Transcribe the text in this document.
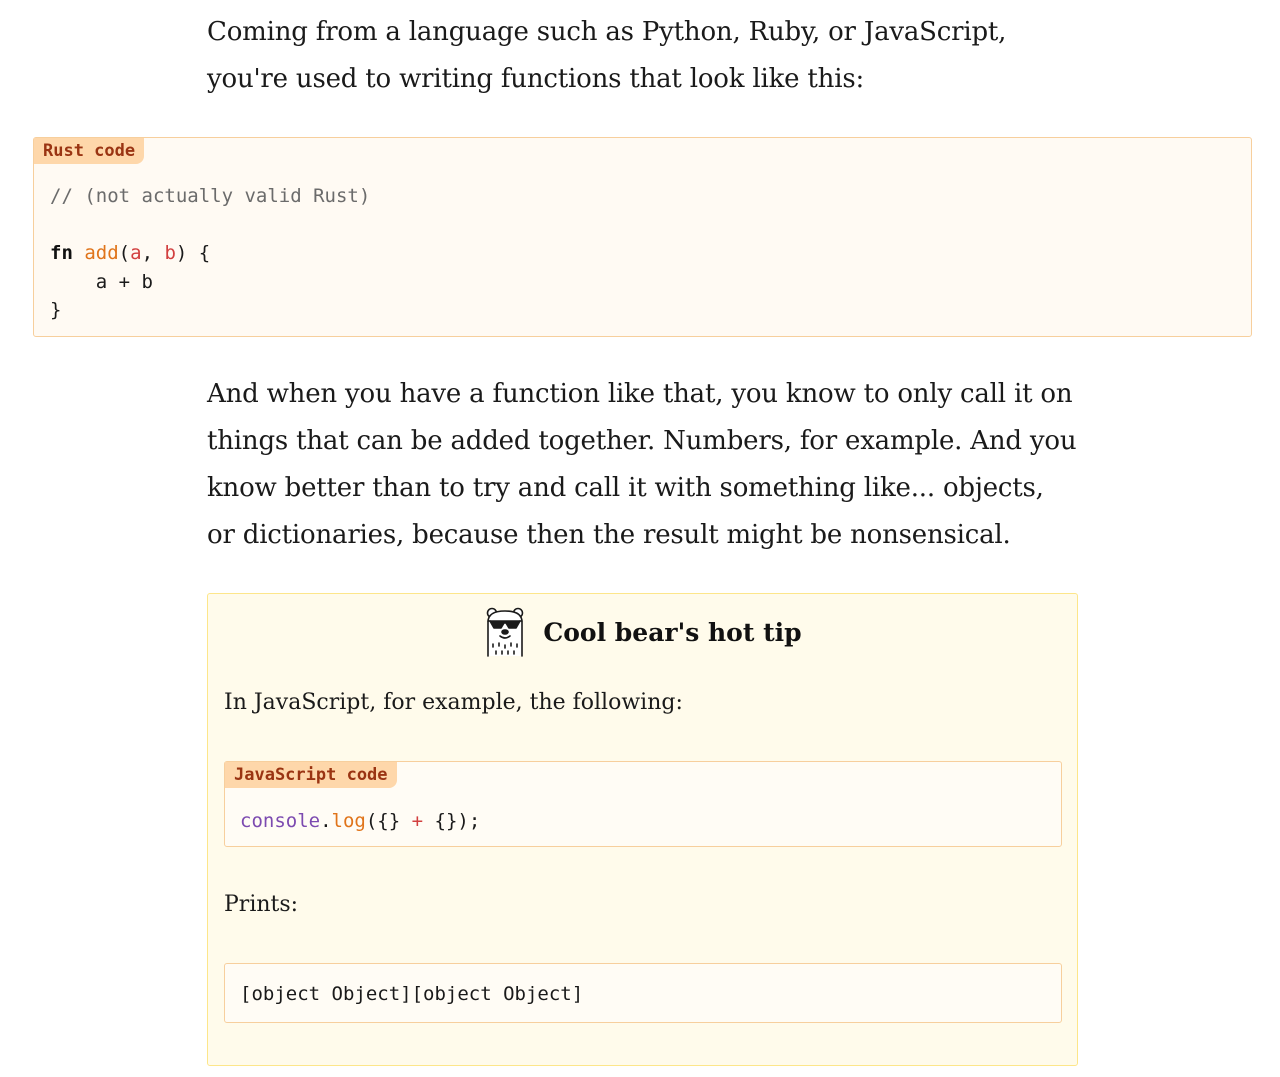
Coming from a language such as Python, Ruby, or JavaScript, you're used to writing functions that look like this:

Rust code
// (not actually valid Rust)

fn add(a, b) {
a + b
}

And when you have a function like that, you know to only call it on things that can be added together. Numbers, for example. And you know better than to try and call it with something like... objects, or dictionaries, because then the result might be nonsensical.

Cool bear's hot tip

In JavaScript, for example, the following:

JavaScript code
console.log({} + {});

Prints:

[object Object][object Object]
